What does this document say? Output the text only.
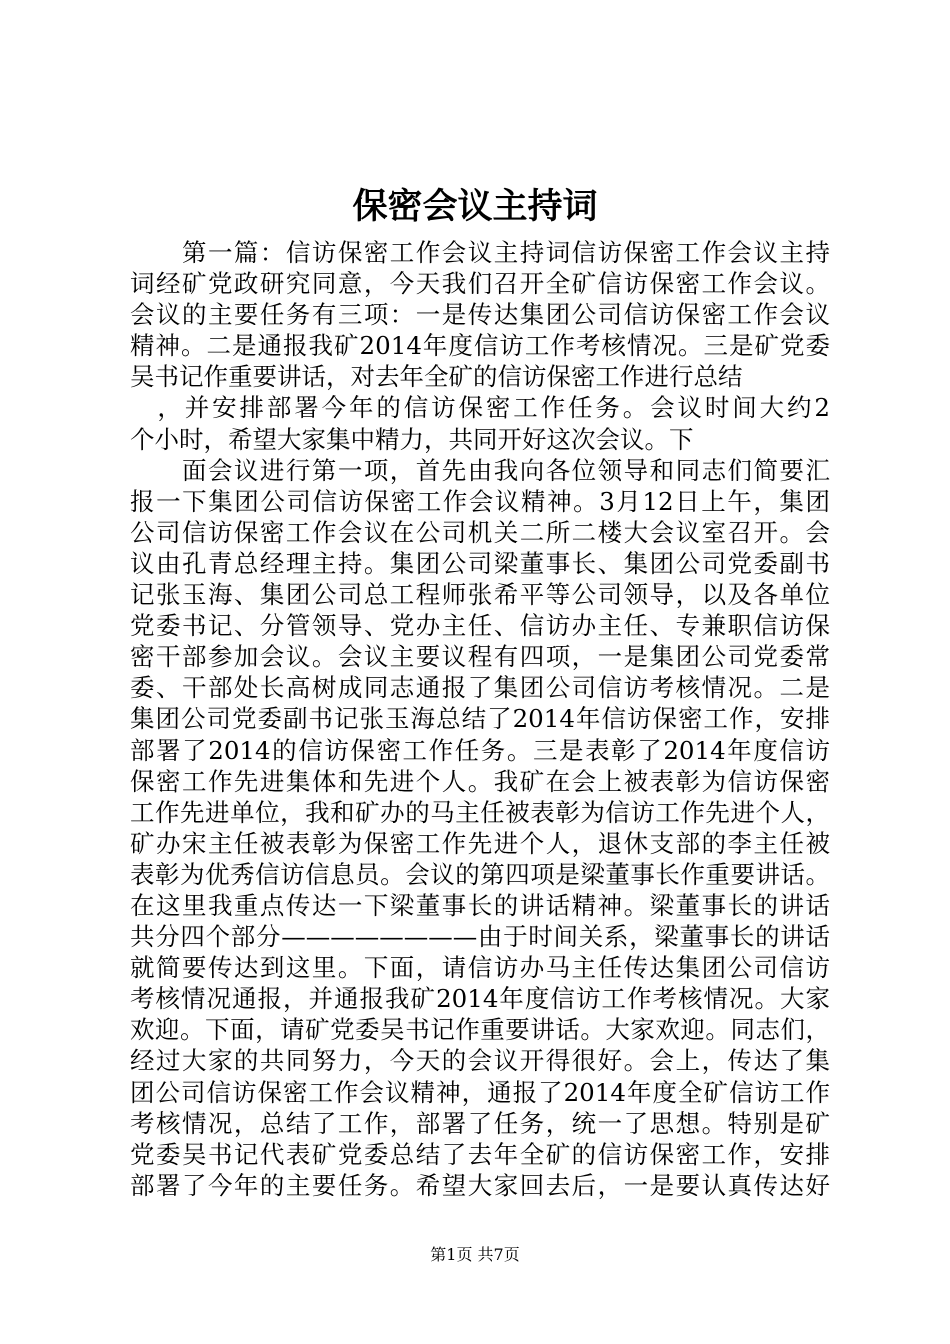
保密会议主持词
　　第一篇：信访保密工作会议主持词信访保密工作会议主持
词经矿党政研究同意，今天我们召开全矿信访保密工作会议。
会议的主要任务有三项：一是传达集团公司信访保密工作会议
精神。二是通报我矿2014年度信访工作考核情况。三是矿党委
吴书记作重要讲话，对去年全矿的信访保密工作进行总结
　，并安排部署今年的信访保密工作任务。会议时间大约2
个小时，希望大家集中精力，共同开好这次会议。下
　　面会议进行第一项，首先由我向各位领导和同志们简要汇
报一下集团公司信访保密工作会议精神。3月12日上午，集团
公司信访保密工作会议在公司机关二所二楼大会议室召开。会
议由孔青总经理主持。集团公司梁董事长、集团公司党委副书
记张玉海、集团公司总工程师张希平等公司领导，以及各单位
党委书记、分管领导、党办主任、信访办主任、专兼职信访保
密干部参加会议。会议主要议程有四项，一是集团公司党委常
委、干部处长高树成同志通报了集团公司信访考核情况。二是
集团公司党委副书记张玉海总结了2014年信访保密工作，安排
部署了2014的信访保密工作任务。三是表彰了2014年度信访
保密工作先进集体和先进个人。我矿在会上被表彰为信访保密
工作先进单位，我和矿办的马主任被表彰为信访工作先进个人，
矿办宋主任被表彰为保密工作先进个人，退休支部的李主任被
表彰为优秀信访信息员。会议的第四项是梁董事长作重要讲话。
在这里我重点传达一下梁董事长的讲话精神。梁董事长的讲话
共分四个部分————————由于时间关系，梁董事长的讲话
就简要传达到这里。下面，请信访办马主任传达集团公司信访
考核情况通报，并通报我矿2014年度信访工作考核情况。大家
欢迎。下面，请矿党委吴书记作重要讲话。大家欢迎。同志们，
经过大家的共同努力，今天的会议开得很好。会上，传达了集
团公司信访保密工作会议精神，通报了2014年度全矿信访工作
考核情况，总结了工作，部署了任务，统一了思想。特别是矿
党委吴书记代表矿党委总结了去年全矿的信访保密工作，安排
部署了今年的主要任务。希望大家回去后，一是要认真传达好
第1页 共7页
